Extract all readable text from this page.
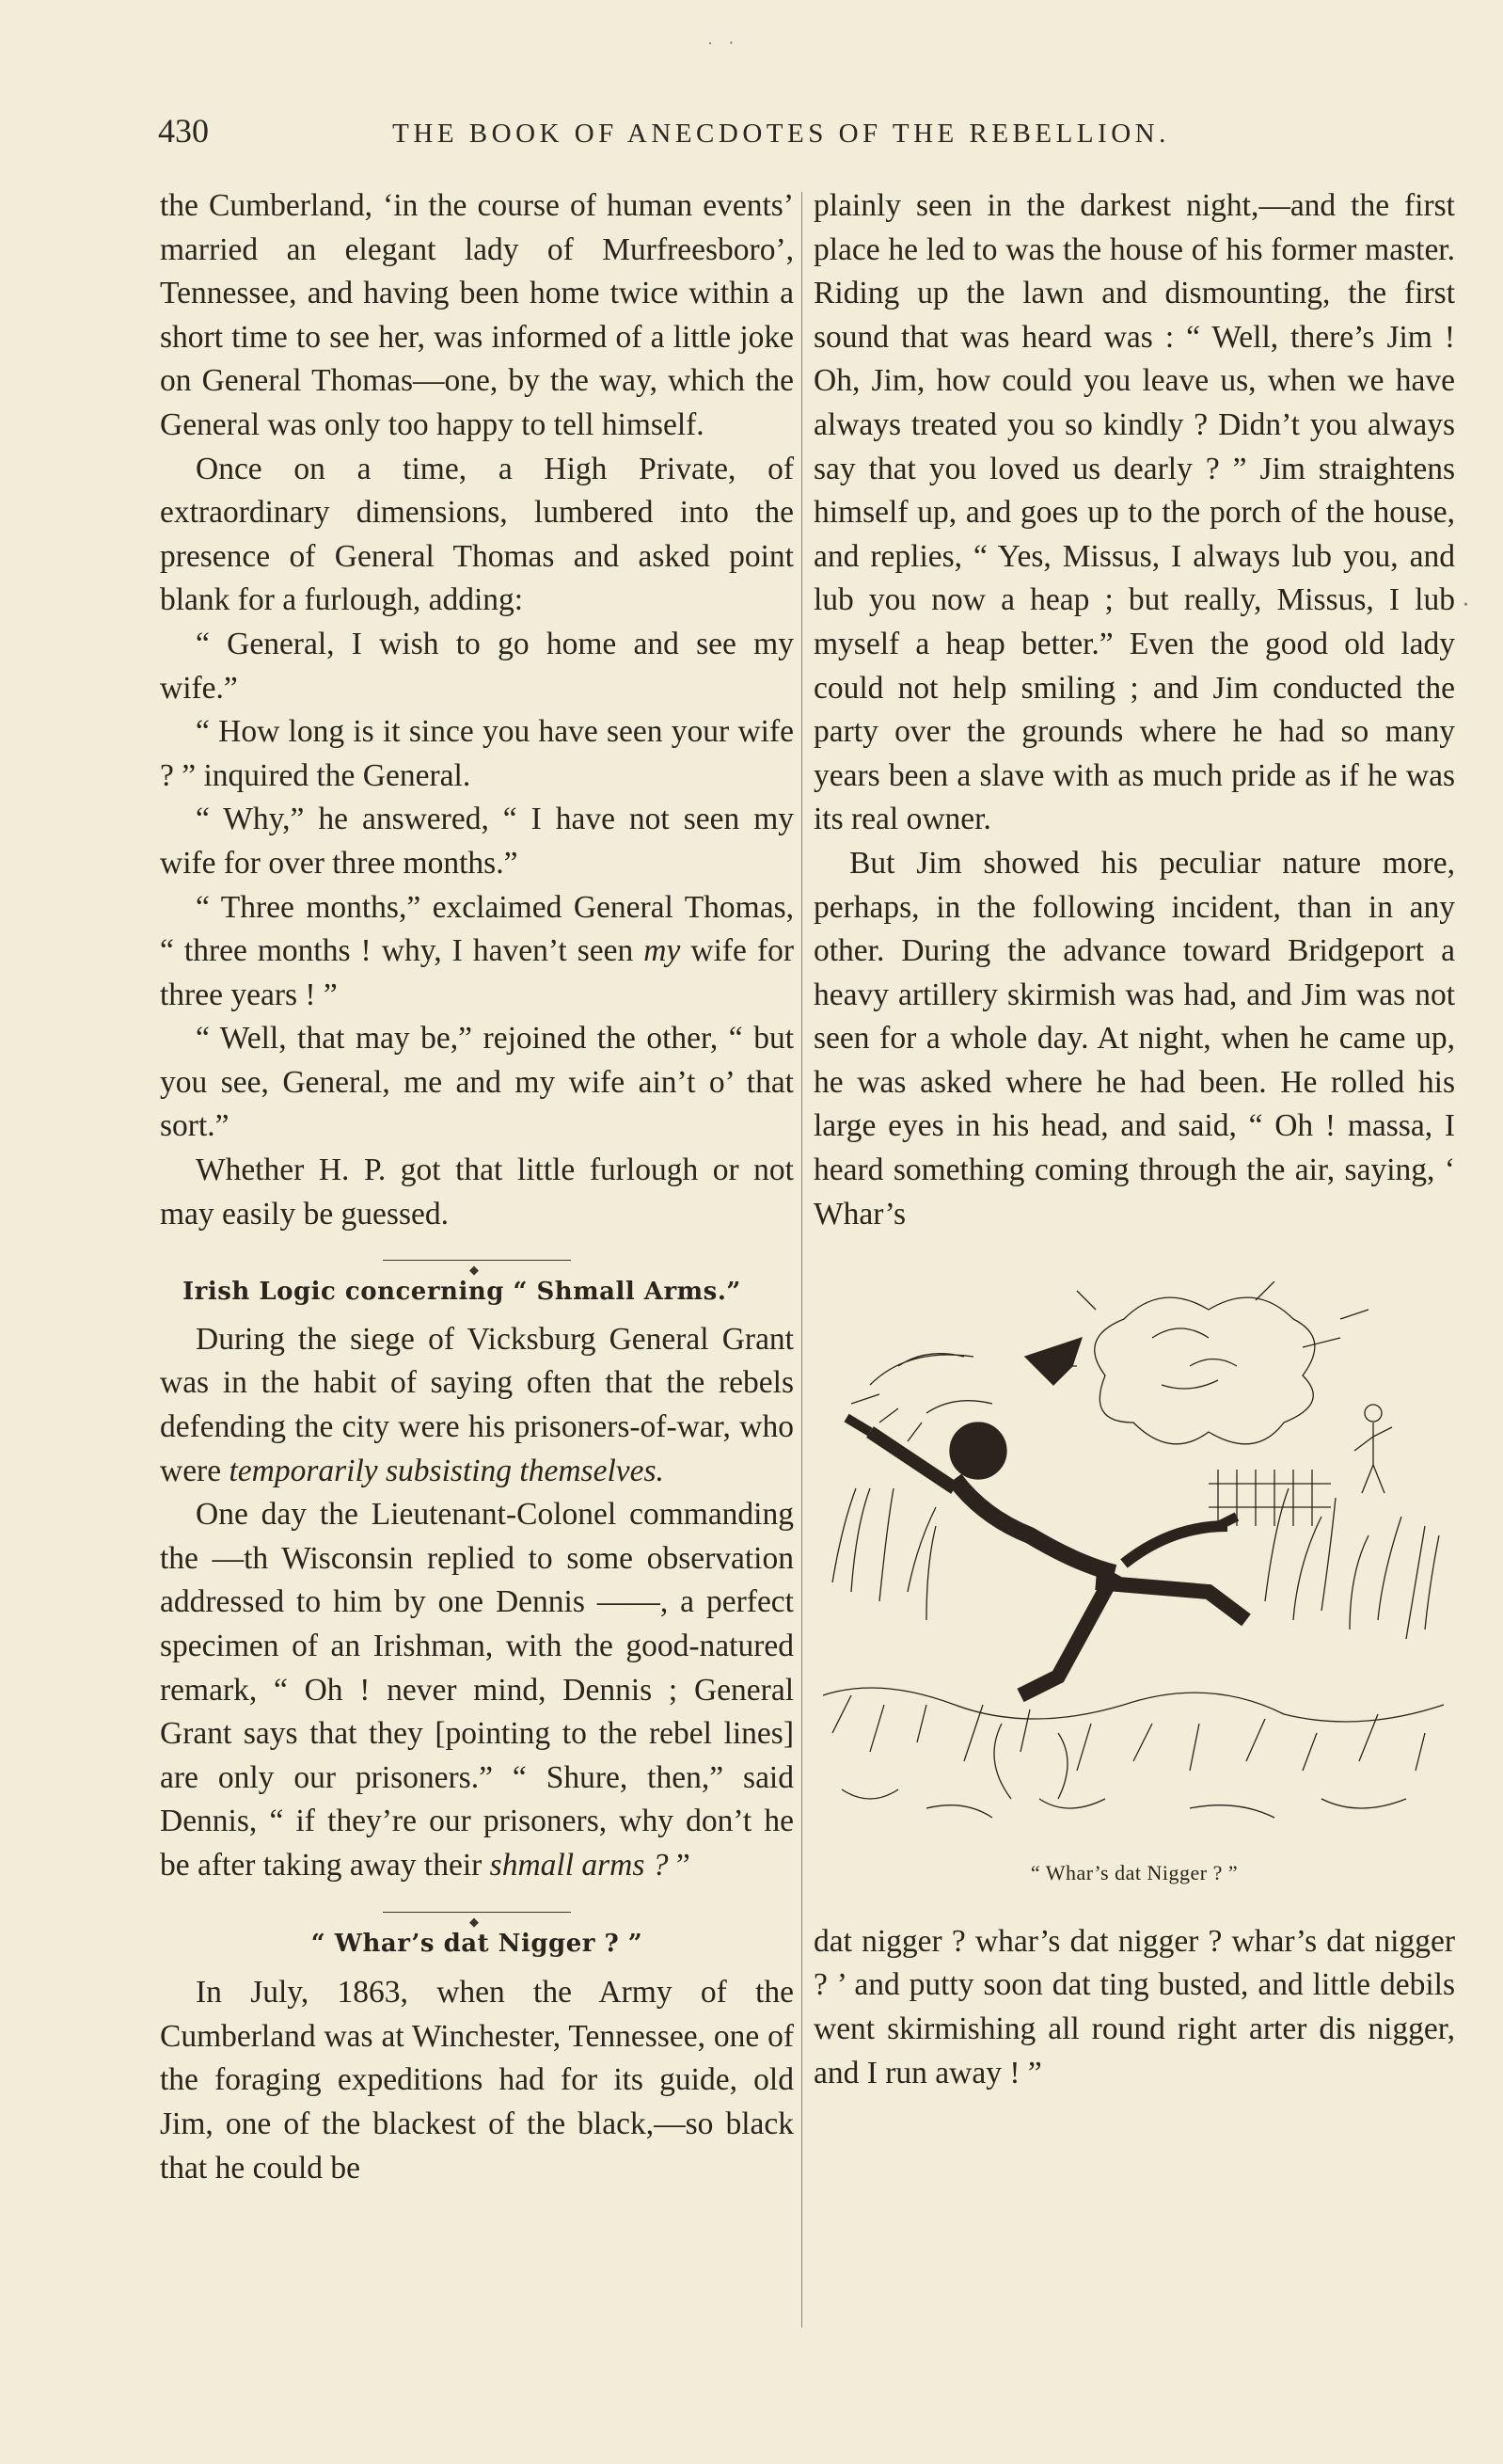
· ‧
430	THE BOOK OF ANECDOTES OF THE REBELLION.

the Cumberland, ‘in the course of human events’ married an elegant lady of Murfreesboro’, Tennessee, and having been home twice within a short time to see her, was informed of a little joke on General Thomas—one, by the way, which the General was only too happy to tell himself.

Once on a time, a High Private, of extraordinary dimensions, lumbered into the presence of General Thomas and asked point blank for a furlough, adding:

“ General, I wish to go home and see my wife.”

“ How long is it since you have seen your wife ? ” inquired the General.

“ Why,” he answered, “ I have not seen my wife for over three months.”

“ Three months,” exclaimed General Thomas, “ three months ! why, I haven’t seen my wife for three years ! ”

“ Well, that may be,” rejoined the other, “ but you see, General, me and my wife ain’t o’ that sort.”

Whether H. P. got that little furlough or not may easily be guessed.

◆
Irish Logic concerning “ Shmall Arms.”

During the siege of Vicksburg General Grant was in the habit of saying often that the rebels defending the city were his prisoners-of-war, who were temporarily subsisting themselves.

One day the Lieutenant-Colonel commanding the —th Wisconsin replied to some observation addressed to him by one Dennis ——, a perfect specimen of an Irishman, with the good-natured remark, “ Oh ! never mind, Dennis ; General Grant says that they [pointing to the rebel lines] are only our prisoners.” “ Shure, then,” said Dennis, “ if they’re our prisoners, why don’t he be after taking away their shmall arms ? ”

◆
“ Whar’s dat Nigger ? ”

In July, 1863, when the Army of the Cumberland was at Winchester, Tennessee, one of the foraging expeditions had for its guide, old Jim, one of the blackest of the black,—so black that he could be

plainly seen in the darkest night,—and the first place he led to was the house of his former master. Riding up the lawn and dismounting, the first sound that was heard was : “ Well, there’s Jim ! Oh, Jim, how could you leave us, when we have always treated you so kindly ? Didn’t you always say that you loved us dearly ? ” Jim straightens himself up, and goes up to the porch of the house, and replies, “ Yes, Missus, I always lub you, and lub you now a heap ; but really, Missus, I lub myself a heap better.” Even the good old lady could not help smiling ; and Jim conducted the party over the grounds where he had so many years been a slave with as much pride as if he was its real owner.

But Jim showed his peculiar nature more, perhaps, in the following incident, than in any other. During the advance toward Bridgeport a heavy artillery skirmish was had, and Jim was not seen for a whole day. At night, when he came up, he was asked where he had been. He rolled his large eyes in his head, and said, “ Oh ! massa, I heard something coming through the air, saying, ‘ Whar’s

“ Whar’s dat Nigger ? ”

dat nigger ? whar’s dat nigger ? whar’s dat nigger ? ’ and putty soon dat ting busted, and little debils went skirmishing all round right arter dis nigger, and I run away ! ”

•
